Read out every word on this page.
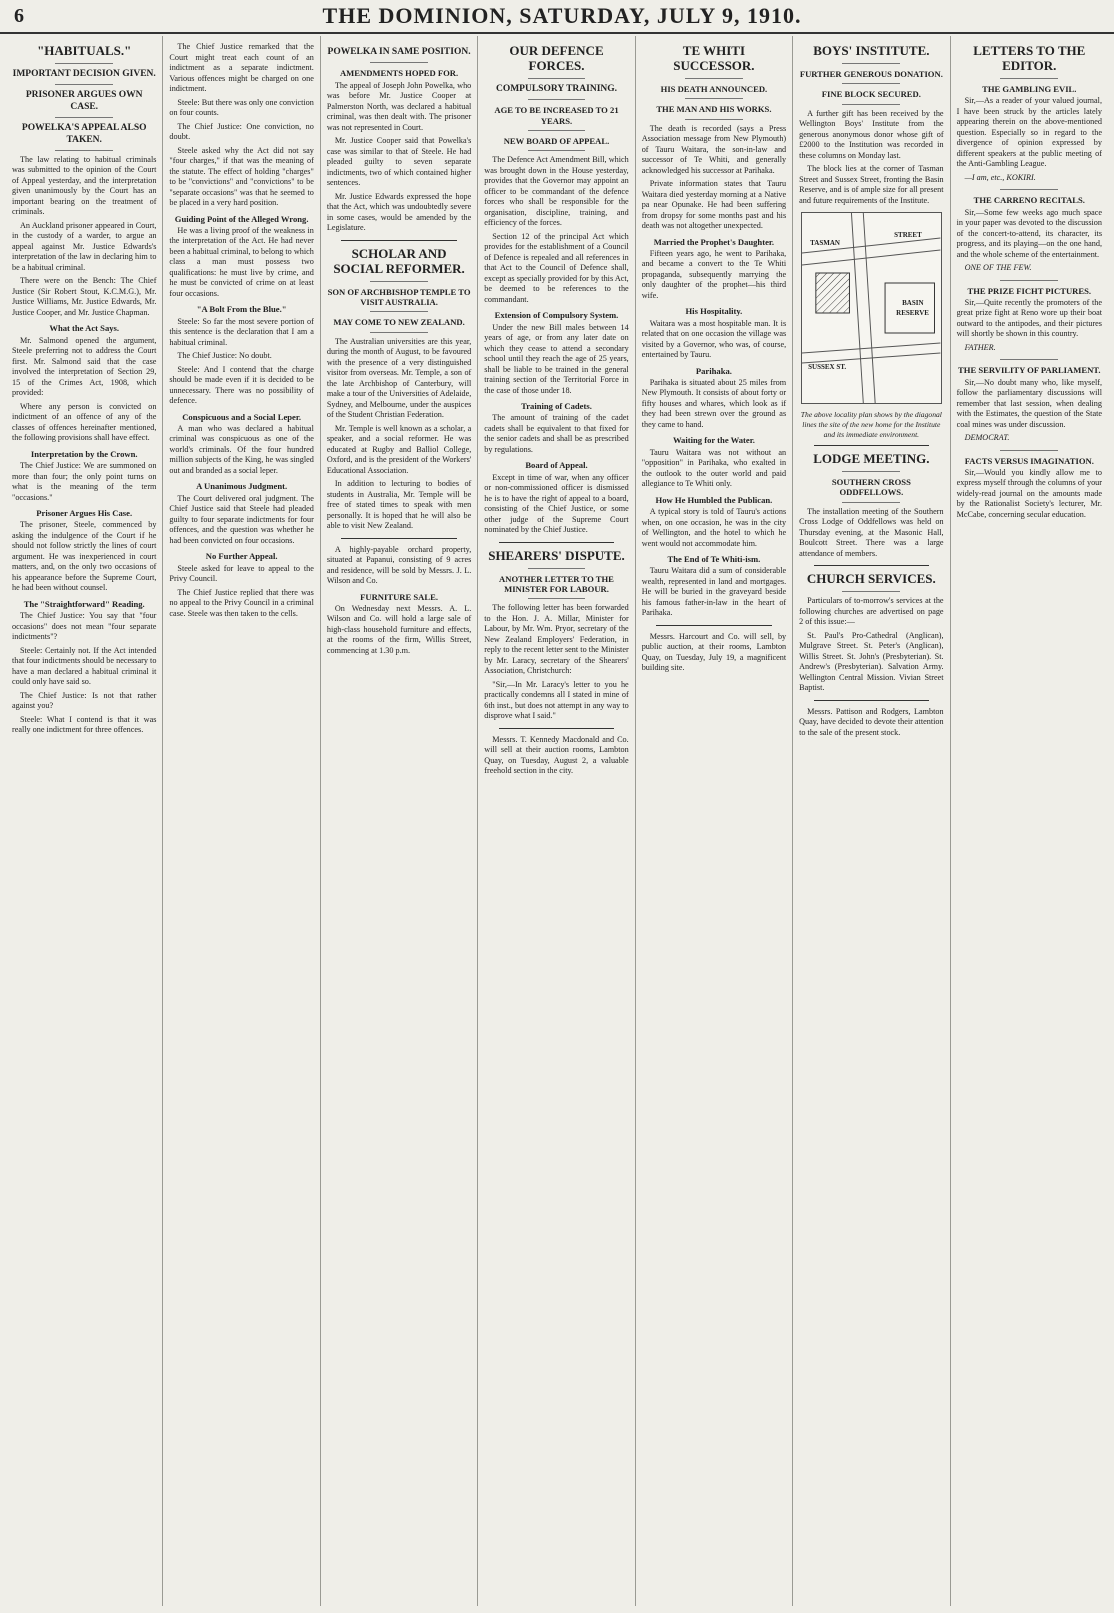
6	THE DOMINION, SATURDAY, JULY 9, 1910.
"HABITUALS."
IMPORTANT DECISION GIVEN.
PRISONER ARGUES OWN CASE.
POWELKA'S APPEAL ALSO TAKEN.

The law relating to habitual criminals was submitted to the opinion of the Court of Appeal yesterday, and the interpretation given unanimously by the Court has an important bearing on the treatment of criminals.

An Auckland prisoner appeared in Court, in the custody of a warder, to argue an appeal against Mr. Justice Edwards's interpretation of the law in declaring him to be a habitual criminal.

There were on the Bench: The Chief Justice (Sir Robert Stout, K.C.M.G.), Mr. Justice Williams, Mr. Justice Edwards, Mr. Justice Cooper, and Mr. Justice Chapman.

What the Act Says.

Mr. Salmond opened the argument, Steele preferring not to address the Court first. Mr. Salmond said that the case involved the interpretation of Section 29, 15 of the Crimes Act, 1908, which provided:

Where any person is convicted on indictment of an offence of any of the classes of offences hereinafter mentioned, the following provisions shall have effect.

Interpretation by the Crown.

The Chief Justice: We are summoned on more than four; the only point turns on what is the meaning of the term "occasions."

Prisoner Argues His Case.

The prisoner, Steele, commenced by asking the indulgence of the Court if he should not follow strictly the lines of court argument. He was inexperienced in court matters, and, on the only two occasions of his appearance before the Supreme Court, he had been without counsel.

The "Straightforward" Reading.

The Chief Justice: You say that "four occasions" does not mean "four separate indictments"?

Steele: Certainly not. If the Act intended that four indictments should be necessary to have a man declared a habitual criminal it could only have said so.

The Chief Justice: Is not that rather against you?

Steele: What I contend is that it was really one indictment for three offences.

The Chief Justice remarked that the Court might treat each count of an indictment as a separate indictment. Various offences might be charged on one indictment.

Steele: But there was only one conviction on four counts.

The Chief Justice: One conviction, no doubt.

Steele asked why the Act did not say "four charges," if that was the meaning of the statute. The effect of holding "charges" to be "convictions" and "convictions" to be "separate occasions" was that he seemed to be placed in a very hard position.

Guiding Point of the Alleged Wrong.

He was a living proof of the weakness in the interpretation of the Act. He had never been a habitual criminal, to belong to which class a man must possess two qualifications: he must live by crime, and he must be convicted of crime on at least four occasions.

"A Bolt From the Blue."

Steele: So far the most severe portion of this sentence is the declaration that I am a habitual criminal.

The Chief Justice: No doubt.

Steele: And I contend that the charge should be made even if it is decided to be unnecessary. There was no possibility of defence.

Conspicuous and a Social Leper.

A man who was declared a habitual criminal was conspicuous as one of the world's criminals. Of the four hundred million subjects of the King, he was singled out and branded as a social leper.

A Unanimous Judgment.

The Court delivered oral judgment. The Chief Justice said that Steele had pleaded guilty to four separate indictments for four offences, and the question was whether he had been convicted on four occasions.

No Further Appeal.

Steele asked for leave to appeal to the Privy Council.

The Chief Justice replied that there was no appeal to the Privy Council in a criminal case. Steele was then taken to the cells.

POWELKA IN SAME POSITION.
AMENDMENTS HOPED FOR.

The appeal of Joseph John Powelka, who was before Mr. Justice Cooper at Palmerston North, was declared a habitual criminal, was then dealt with. The prisoner was not represented in Court.

Mr. Justice Cooper said that Powelka's case was similar to that of Steele. He had pleaded guilty to seven separate indictments, two of which contained higher sentences.

Mr. Justice Edwards expressed the hope that the Act, which was undoubtedly severe in some cases, would be amended by the Legislature.

SCHOLAR AND SOCIAL REFORMER.
SON OF ARCHBISHOP TEMPLE TO VISIT AUSTRALIA.
MAY COME TO NEW ZEALAND.

The Australian universities are this year, during the month of August, to be favoured with the presence of a very distinguished visitor from overseas. Mr. Temple, a son of the late Archbishop of Canterbury, will make a tour of the Universities of Adelaide, Sydney, and Melbourne, under the auspices of the Student Christian Federation.

Mr. Temple is well known as a scholar, a speaker, and a social reformer. He was educated at Rugby and Balliol College, Oxford, and is the president of the Workers' Educational Association.

In addition to lecturing to bodies of students in Australia, Mr. Temple will be free of stated times to speak with men personally. It is hoped that he will also be able to visit New Zealand.

A highly-payable orchard property, situated at Papanui, consisting of 9 acres and residence, will be sold by Messrs. J. L. Wilson and Co.

FURNITURE SALE.

On Wednesday next Messrs. A. L. Wilson and Co. will hold a large sale of high-class household furniture and effects, at the rooms of the firm, Willis Street, commencing at 1.30 p.m.

OUR DEFENCE FORCES.
COMPULSORY TRAINING.
AGE TO BE INCREASED TO 21 YEARS.
NEW BOARD OF APPEAL.

The Defence Act Amendment Bill, which was brought down in the House yesterday, provides that the Governor may appoint an officer to be commandant of the defence forces who shall be responsible for the organisation, discipline, training, and efficiency of the forces.

Section 12 of the principal Act which provides for the establishment of a Council of Defence is repealed and all references in that Act to the Council of Defence shall, except as specially provided for by this Act, be deemed to be references to the commandant.

Extension of Compulsory System.

Under the new Bill males between 14 years of age, or from any later date on which they cease to attend a secondary school until they reach the age of 25 years, shall be liable to be trained in the general training section of the Territorial Force in the case of those under 18.

Training of Cadets.

The amount of training of the cadet cadets shall be equivalent to that fixed for the senior cadets and shall be as prescribed by regulations.

Board of Appeal.

Except in time of war, when any officer or non-commissioned officer is dismissed he is to have the right of appeal to a board, consisting of the Chief Justice, or some other judge of the Supreme Court nominated by the Chief Justice.

SHEARERS' DISPUTE.
ANOTHER LETTER TO THE MINISTER FOR LABOUR.

The following letter has been forwarded to the Hon. J. A. Millar, Minister for Labour, by Mr. Wm. Pryor, secretary of the New Zealand Employers' Federation, in reply to the recent letter sent to the Minister by Mr. Laracy, secretary of the Shearers' Association, Christchurch:

"Sir,—In Mr. Laracy's letter to you he practically condemns all I stated in mine of 6th inst., but does not attempt in any way to disprove what I said."

Messrs. T. Kennedy Macdonald and Co. will sell at their auction rooms, Lambton Quay, on Tuesday, August 2, a valuable freehold section in the city.

TE WHITI SUCCESSOR.
HIS DEATH ANNOUNCED.
THE MAN AND HIS WORKS.

The death is recorded (says a Press Association message from New Plymouth) of Tauru Waitara, the son-in-law and successor of Te Whiti, and generally acknowledged his successor at Parihaka.

Private information states that Tauru Waitara died yesterday morning at a Native pa near Opunake. He had been suffering from dropsy for some months past and his death was not altogether unexpected.

Married the Prophet's Daughter.

Fifteen years ago, he went to Parihaka, and became a convert to the Te Whiti propaganda, subsequently marrying the only daughter of the prophet—his third wife.

His Hospitality.

Waitara was a most hospitable man. It is related that on one occasion the village was visited by a Governor, who was, of course, entertained by Tauru.

Parihaka.

Parihaka is situated about 25 miles from New Plymouth. It consists of about forty or fifty houses and whares, which look as if they had been strewn over the ground as they came to hand.

Waiting for the Water.

Tauru Waitara was not without an "opposition" in Parihaka, who exalted in the outlook to the outer world and paid allegiance to Te Whiti only.

How He Humbled the Publican.

A typical story is told of Tauru's actions when, on one occasion, he was in the city of Wellington, and the hotel to which he went would not accommodate him.

The End of Te Whiti-ism.

Tauru Waitara did a sum of considerable wealth, represented in land and mortgages. He will be buried in the graveyard beside his famous father-in-law in the heart of Parihaka.

Messrs. Harcourt and Co. will sell, by public auction, at their rooms, Lambton Quay, on Tuesday, July 19, a magnificent building site.

BOYS' INSTITUTE.
FURTHER GENEROUS DONATION.
FINE BLOCK SECURED.

A further gift has been received by the Wellington Boys' Institute from the generous anonymous donor whose gift of £2000 to the Institution was recorded in these columns on Monday last.

The block lies at the corner of Tasman Street and Sussex Street, fronting the Basin Reserve, and is of ample size for all present and future requirements of the Institute.

TASMAN
STREET
SUSSEX ST.
BASIN
RESERVE
The above locality plan shows by the diagonal lines the site of the new home for the Institute and its immediate environment.
LODGE MEETING.
SOUTHERN CROSS ODDFELLOWS.

The installation meeting of the Southern Cross Lodge of Oddfellows was held on Thursday evening, at the Masonic Hall, Boulcott Street. There was a large attendance of members.

CHURCH SERVICES.

Particulars of to-morrow's services at the following churches are advertised on page 2 of this issue:—

St. Paul's Pro-Cathedral (Anglican), Mulgrave Street. St. Peter's (Anglican), Willis Street. St. John's (Presbyterian). St. Andrew's (Presbyterian). Salvation Army. Wellington Central Mission. Vivian Street Baptist.

Messrs. Pattison and Rodgers, Lambton Quay, have decided to devote their attention to the sale of the present stock.

LETTERS TO THE EDITOR.
THE GAMBLING EVIL.

Sir,—As a reader of your valued journal, I have been struck by the articles lately appearing therein on the above-mentioned question. Especially so in regard to the divergence of opinion expressed by different speakers at the public meeting of the Anti-Gambling League.

—I am, etc., KOKIRI.

THE CARRENO RECITALS.

Sir,—Some few weeks ago much space in your paper was devoted to the discussion of the concert-to-attend, its character, its progress, and its playing—on the one hand, and the whole scheme of the entertainment.

ONE OF THE FEW.

THE PRIZE FICHT PICTURES.

Sir,—Quite recently the promoters of the great prize fight at Reno wore up their boat outward to the antipodes, and their pictures will shortly be shown in this country.

FATHER.

THE SERVILITY OF PARLIAMENT.

Sir,—No doubt many who, like myself, follow the parliamentary discussions will remember that last session, when dealing with the Estimates, the question of the State coal mines was under discussion.

DEMOCRAT.

FACTS VERSUS IMAGINATION.

Sir,—Would you kindly allow me to express myself through the columns of your widely-read journal on the amounts made by the Rationalist Society's lecturer, Mr. McCabe, concerning secular education.
